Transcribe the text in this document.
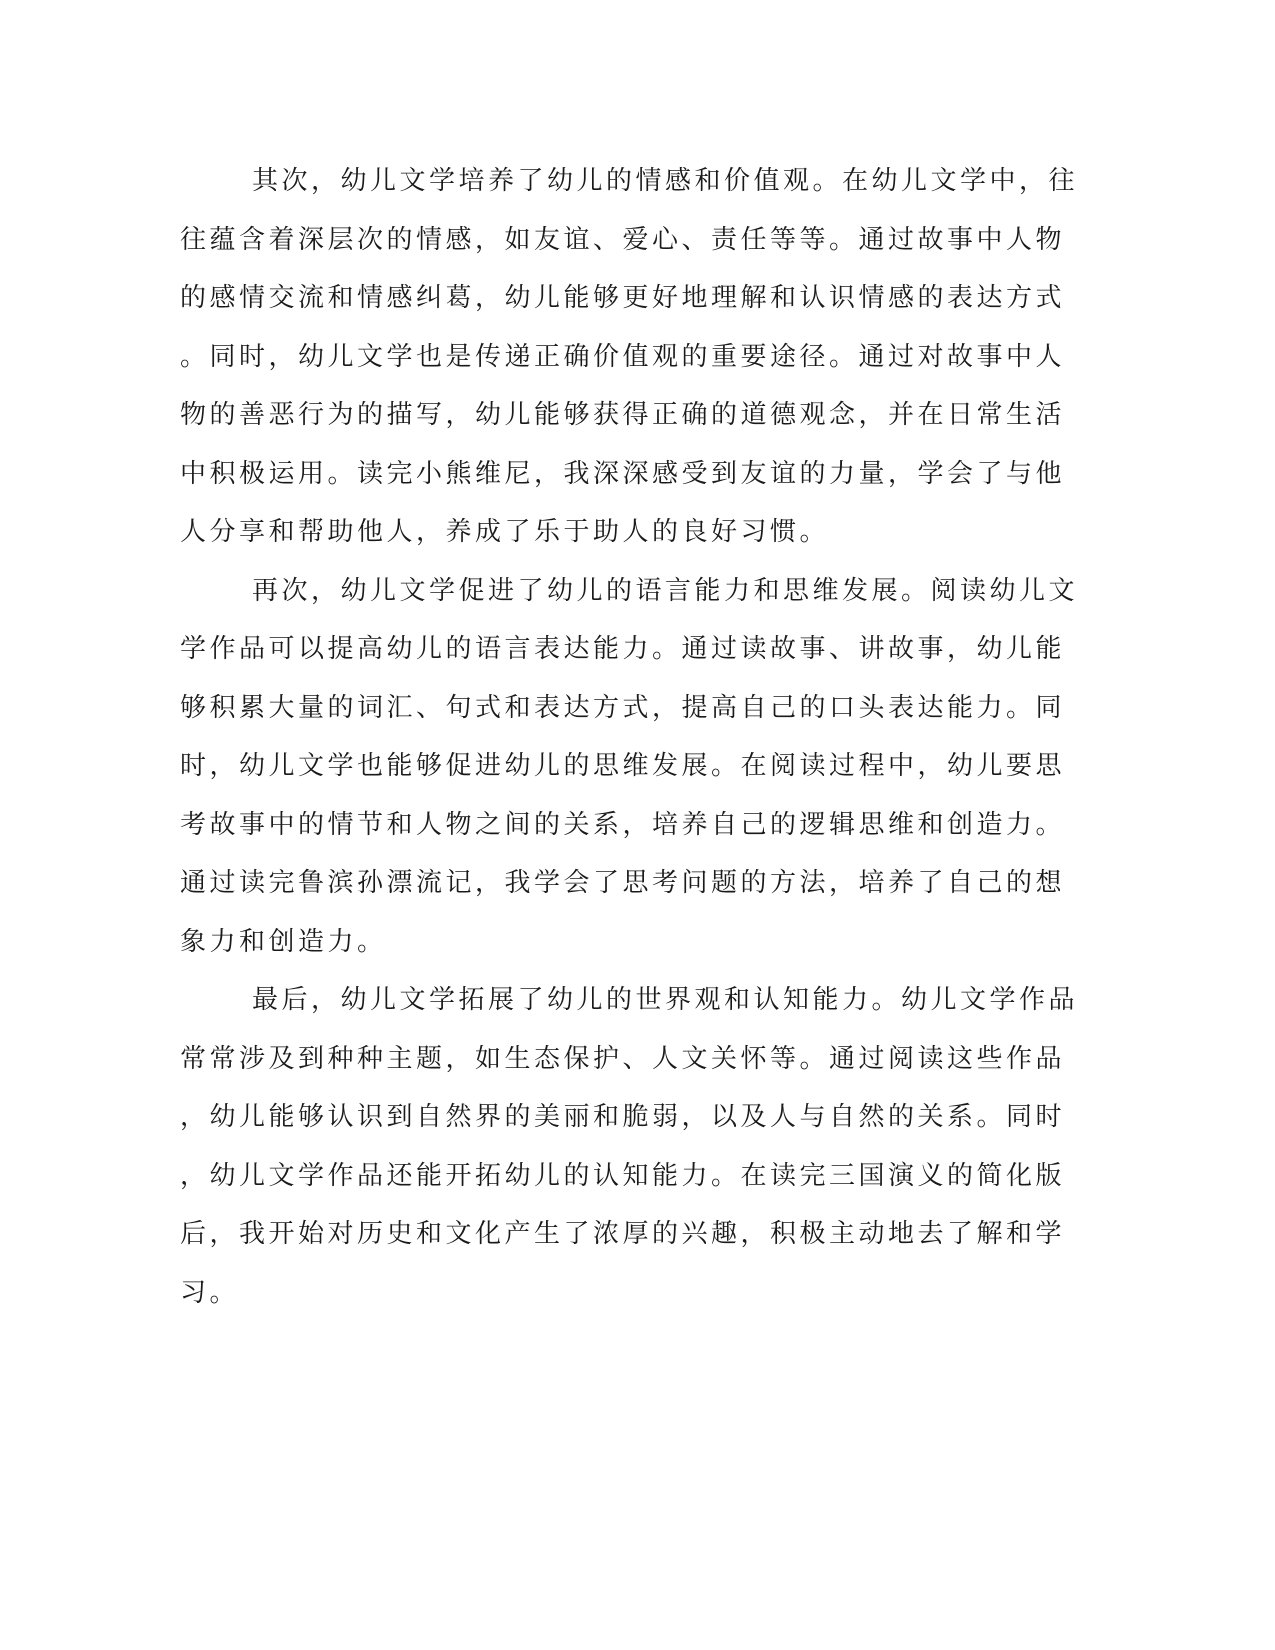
其次，幼儿文学培养了幼儿的情感和价值观。在幼儿文学中，往
往蕴含着深层次的情感，如友谊、爱心、责任等等。通过故事中人物
的感情交流和情感纠葛，幼儿能够更好地理解和认识情感的表达方式
。同时，幼儿文学也是传递正确价值观的重要途径。通过对故事中人
物的善恶行为的描写，幼儿能够获得正确的道德观念，并在日常生活
中积极运用。读完小熊维尼，我深深感受到友谊的力量，学会了与他
人分享和帮助他人，养成了乐于助人的良好习惯。
再次，幼儿文学促进了幼儿的语言能力和思维发展。阅读幼儿文
学作品可以提高幼儿的语言表达能力。通过读故事、讲故事，幼儿能
够积累大量的词汇、句式和表达方式，提高自己的口头表达能力。同
时，幼儿文学也能够促进幼儿的思维发展。在阅读过程中，幼儿要思
考故事中的情节和人物之间的关系，培养自己的逻辑思维和创造力。
通过读完鲁滨孙漂流记，我学会了思考问题的方法，培养了自己的想
象力和创造力。
最后，幼儿文学拓展了幼儿的世界观和认知能力。幼儿文学作品
常常涉及到种种主题，如生态保护、人文关怀等。通过阅读这些作品
，幼儿能够认识到自然界的美丽和脆弱，以及人与自然的关系。同时
，幼儿文学作品还能开拓幼儿的认知能力。在读完三国演义的简化版
后，我开始对历史和文化产生了浓厚的兴趣，积极主动地去了解和学
习。
